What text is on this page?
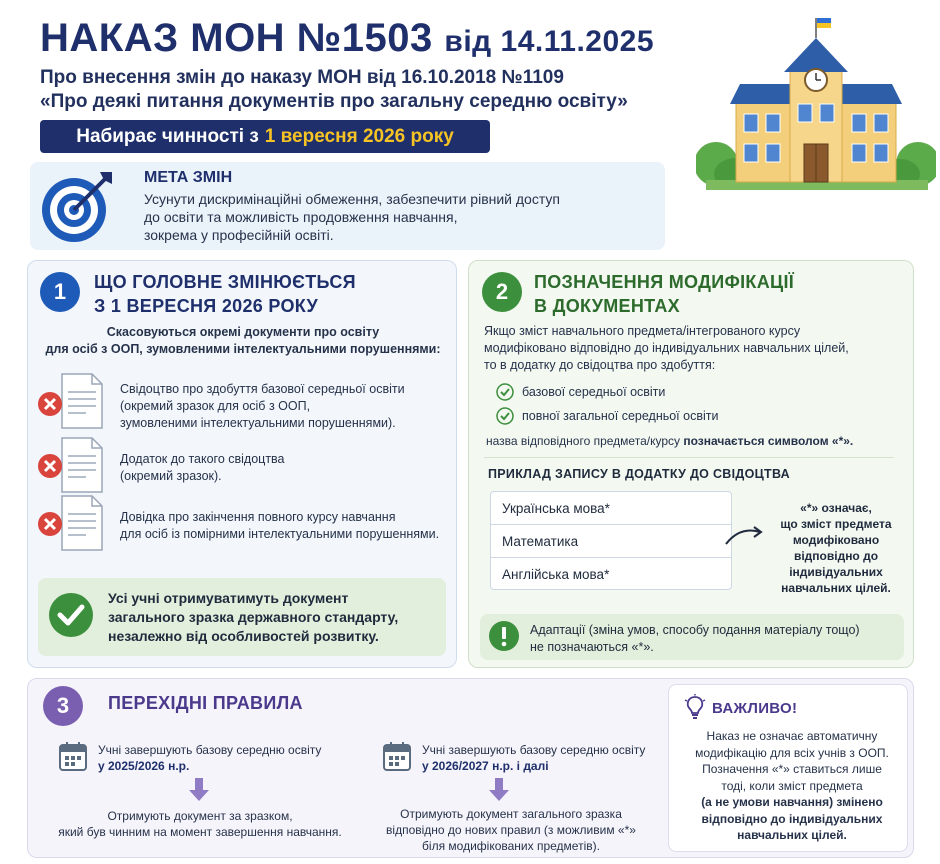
НАКАЗ МОН №1503 від 14.11.2025
Про внесення змін до наказу МОН від 16.10.2018 №1109
«Про деякі питання документів про загальну середню освіту»
Набирає чинності з 1 вересня 2026 року
МЕТА ЗМІН
Усунути дискримінаційні обмеження, забезпечити рівний доступ
до освіти та можливість продовження навчання,
зокрема у професійній освіті.
1	ЩО ГОЛОВНЕ ЗМІНЮЄТЬСЯ
З 1 ВЕРЕСНЯ 2026 РОКУ
Скасовуються окремі документи про освіту
для осіб з ООП, зумовленими інтелектуальними порушеннями:
Свідоцтво про здобуття базової середньої освіти
(окремий зразок для осіб з ООП,
зумовленими інтелектуальними порушеннями).
Додаток до такого свідоцтва
(окремий зразок).
Довідка про закінчення повного курсу навчання
для осіб із помірними інтелектуальними порушеннями.
Усі учні отримуватимуть документ
загального зразка державного стандарту,
незалежно від особливостей розвитку.
2	ПОЗНАЧЕННЯ МОДИФІКАЦІЇ
В ДОКУМЕНТАХ
Якщо зміст навчального предмета/інтегрованого курсу
модифіковано відповідно до індивідуальних навчальних цілей,
то в додатку до свідоцтва про здобуття:
базової середньої освіти
повної загальної середньої освіти
назва відповідного предмета/курсу позначається символом «*».
ПРИКЛАД ЗАПИСУ В ДОДАТКУ ДО СВІДОЦТВА
Українська мова*
Математика
Англійська мова*
«*» означає,
що зміст предмета
модифіковано
відповідно до
індивідуальних
навчальних цілей.
Адаптації (зміна умов, способу подання матеріалу тощо)
не позначаються «*».
3	ПЕРЕХІДНІ ПРАВИЛА
Учні завершують базову середню освіту
у 2025/2026 н.р.
Отримують документ за зразком,
який був чинним на момент завершення навчання.
Учні завершують базову середню освіту
у 2026/2027 н.р. і далі
Отримують документ загального зразка
відповідно до нових правил (з можливим «*»
біля модифікованих предметів).
ВАЖЛИВО!
Наказ не означає автоматичну
модифікацію для всіх учнів з ООП.
Позначення «*» ставиться лише
тоді, коли зміст предмета
(а не умови навчання) змінено
відповідно до індивідуальних
навчальних цілей.
